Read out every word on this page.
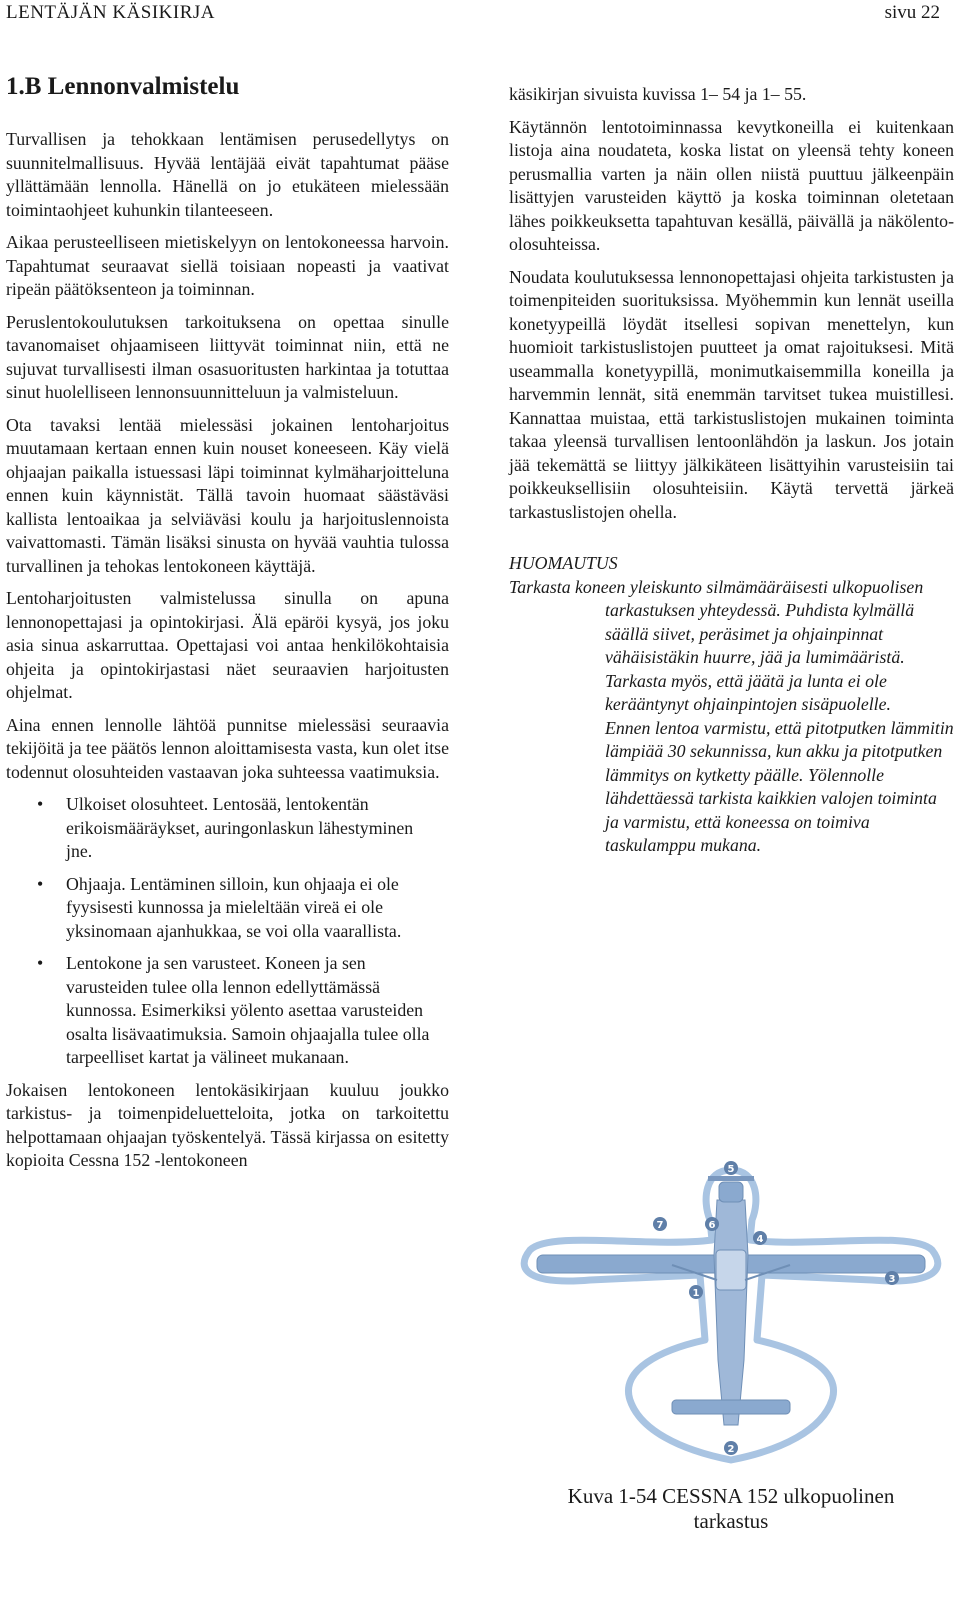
LENTÄJÄN KÄSIKIRJA	sivu 22
1.B Lennonvalmistelu

Turvallisen ja tehokkaan lentämisen perusedellytys on suunnitelmallisuus. Hyvää lentäjää eivät tapahtumat pääse yllättämään lennolla. Hänellä on jo etukäteen mielessään toimintaohjeet kuhunkin tilanteeseen.

Aikaa perusteelliseen mietiskelyyn on lentokoneessa harvoin. Tapahtumat seuraavat siellä toisiaan nopeasti ja vaativat ripeän päätöksenteon ja toiminnan.

Peruslentokoulutuksen tarkoituksena on opettaa sinulle tavanomaiset ohjaamiseen liittyvät toiminnat niin, että ne sujuvat turvallisesti ilman osasuoritusten harkintaa ja totuttaa sinut huolelliseen lennonsuunnitteluun ja valmisteluun.

Ota tavaksi lentää mielessäsi jokainen lentoharjoitus muutamaan kertaan ennen kuin nouset koneeseen. Käy vielä ohjaajan paikalla istuessasi läpi toiminnat kylmäharjoitteluna ennen kuin käynnistät. Tällä tavoin huomaat säästäväsi kallista lentoaikaa ja selviäväsi koulu ja harjoituslennoista vaivattomasti. Tämän lisäksi sinusta on hyvää vauhtia tulossa turvallinen ja tehokas lentokoneen käyttäjä.

Lentoharjoitusten valmistelussa sinulla on apuna lennonopettajasi ja opintokirjasi. Älä epäröi kysyä, jos joku asia sinua askarruttaa. Opettajasi voi antaa henkilökohtaisia ohjeita ja opintokirjastasi näet seuraavien harjoitusten ohjelmat.

Aina ennen lennolle lähtöä punnitse mielessäsi seuraavia tekijöitä ja tee päätös lennon aloittamisesta vasta, kun olet itse todennut olosuhteiden vastaavan joka suhteessa vaatimuksia.

• Ulkoiset olosuhteet. Lentosää, lentokentän erikoismääräykset, auringonlaskun lähestyminen jne.
• Ohjaaja. Lentäminen silloin, kun ohjaaja ei ole fyysisesti kunnossa ja mieleltään vireä ei ole yksinomaan ajanhukkaa, se voi olla vaarallista.
• Lentokone ja sen varusteet. Koneen ja sen varusteiden tulee olla lennon edellyttämässä kunnossa. Esimerkiksi yölento asettaa varusteiden osalta lisävaatimuksia. Samoin ohjaajalla tulee olla tarpeelliset kartat ja välineet mukanaan.

Jokaisen lentokoneen lentokäsikirjaan kuuluu joukko tarkistus- ja toimenpideluetteloita, jotka on tarkoitettu helpottamaan ohjaajan työskentelyä. Tässä kirjassa on esitetty kopioita Cessna 152 -lentokoneen

käsikirjan sivuista kuvissa 1– 54 ja 1– 55.

Käytännön lentotoiminnassa kevytkoneilla ei kuitenkaan listoja aina noudateta, koska listat on yleensä tehty koneen perusmallia varten ja näin ollen niistä puuttuu jälkeenpäin lisättyjen varusteiden käyttö ja koska toiminnan oletetaan lähes poikkeuksetta tapahtuvan kesällä, päivällä ja näkölento-olosuhteissa.

Noudata koulutuksessa lennonopettajasi ohjeita tarkistusten ja toimenpiteiden suorituksissa. Myöhemmin kun lennät useilla konetyypeillä löydät itsellesi sopivan menettelyn, kun huomioit tarkistuslistojen puutteet ja omat rajoituksesi. Mitä useammalla konetyypillä, monimutkaisemmilla koneilla ja harvemmin lennät, sitä enemmän tarvitset tukea muistillesi. Kannattaa muistaa, että tarkistuslistojen mukainen toiminta takaa yleensä turvallisen lentoonlähdön ja laskun. Jos jotain jää tekemättä se liittyy jälkikäteen lisättyihin varusteisiin tai poikkeuksellisiin olosuhteisiin. Käytä tervettä järkeä tarkastuslistojen ohella.

HUOMAUTUS

Tarkasta koneen yleiskunto silmämääräisesti ulkopuolisen tarkastuksen yhteydessä. Puhdista kylmällä säällä siivet, peräsimet ja ohjainpinnat vähäisistäkin huurre, jää ja lumimääristä. Tarkasta myös, että jäätä ja lunta ei ole kerääntynyt ohjainpintojen sisäpuolelle.

Ennen lentoa varmistu, että pitotputken lämmitin lämpiää 30 sekunnissa, kun akku ja pitotputken lämmitys on kytketty päälle. Yölennolle lähdettäessä tarkista kaikkien valojen toiminta ja varmistu, että koneessa on toimiva taskulamppu mukana.

1
2
3
4
5
6
7
Kuva 1-54 CESSNA 152 ulkopuolinen
tarkastus
